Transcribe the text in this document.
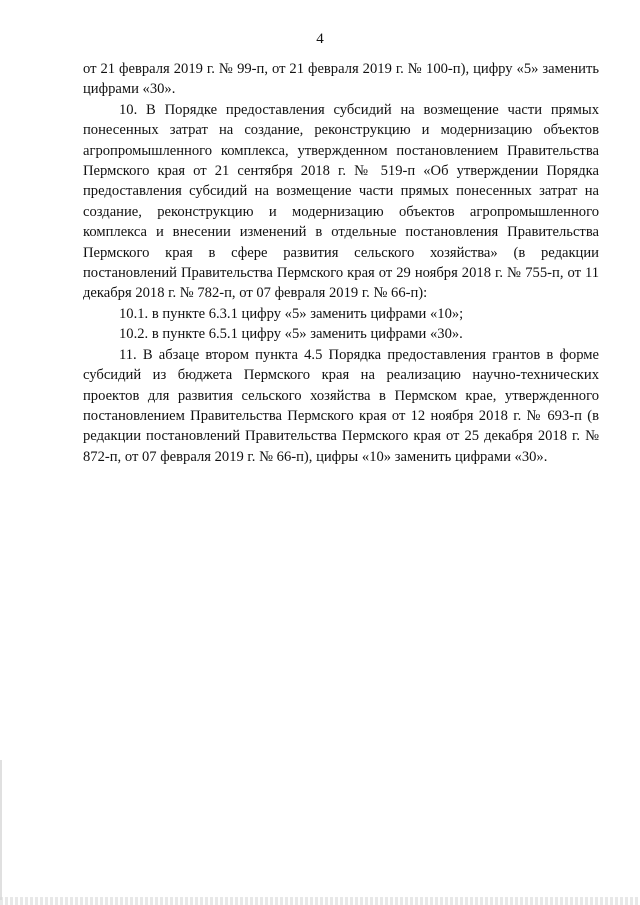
4

от 21 февраля 2019 г. № 99-п, от 21 февраля 2019 г. № 100-п), цифру «5» заменить цифрами «30».

10. В Порядке предоставления субсидий на возмещение части прямых понесенных затрат на создание, реконструкцию и модернизацию объектов агропромышленного комплекса, утвержденном постановлением Правительства Пермского края от 21 сентября 2018 г. № 519-п «Об утверждении Порядка предоставления субсидий на возмещение части прямых понесенных затрат на создание, реконструкцию и модернизацию объектов агропромышленного комплекса и внесении изменений в отдельные постановления Правительства Пермского края в сфере развития сельского хозяйства» (в редакции постановлений Правительства Пермского края от 29 ноября 2018 г. № 755-п, от 11 декабря 2018 г. № 782-п, от 07 февраля 2019 г. № 66-п):

10.1. в пункте 6.3.1 цифру «5» заменить цифрами «10»;

10.2. в пункте 6.5.1 цифру «5» заменить цифрами «30».

11. В абзаце втором пункта 4.5 Порядка предоставления грантов в форме субсидий из бюджета Пермского края на реализацию научно-технических проектов для развития сельского хозяйства в Пермском крае, утвержденного постановлением Правительства Пермского края от 12 ноября 2018 г. № 693-п (в редакции постановлений Правительства Пермского края от 25 декабря 2018 г. № 872-п, от 07 февраля 2019 г. № 66-п), цифры «10» заменить цифрами «30».
